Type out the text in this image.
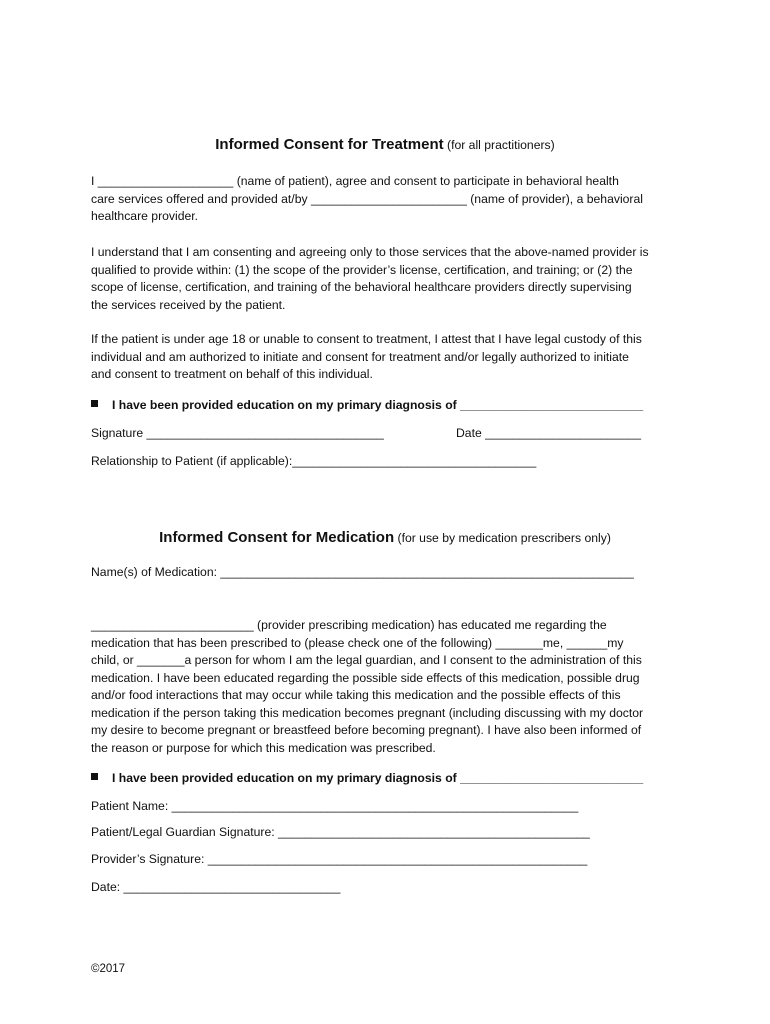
Informed Consent for Treatment (for all practitioners)
I ____________________ (name of patient), agree and consent to participate in behavioral health
care services offered and provided at/by _______________________ (name of provider), a behavioral
healthcare provider.
I understand that I am consenting and agreeing only to those services that the above-named provider is
qualified to provide within: (1) the scope of the provider’s license, certification, and training; or (2) the
scope of license, certification, and training of the behavioral healthcare providers directly supervising
the services received by the patient.
If the patient is under age 18 or unable to consent to treatment, I attest that I have legal custody of this
individual and am authorized to initiate and consent for treatment and/or legally authorized to initiate
and consent to treatment on behalf of this individual.
I have been provided education on my primary diagnosis of ___________________________
Signature ___________________________________	Date _______________________
Relationship to Patient (if applicable):____________________________________
Informed Consent for Medication (for use by medication prescribers only)
Name(s) of Medication: _____________________________________________________________
________________________ (provider prescribing medication) has educated me regarding the
medication that has been prescribed to (please check one of the following) _______me, ______my
child, or _______a person for whom I am the legal guardian, and I consent to the administration of this
medication. I have been educated regarding the possible side effects of this medication, possible drug
and/or food interactions that may occur while taking this medication and the possible effects of this
medication if the person taking this medication becomes pregnant (including discussing with my doctor
my desire to become pregnant or breastfeed before becoming pregnant). I have also been informed of
the reason or purpose for which this medication was prescribed.
I have been provided education on my primary diagnosis of ___________________________
Patient Name: ____________________________________________________________
Patient/Legal Guardian Signature: ______________________________________________
Provider’s Signature: ________________________________________________________
Date: ________________________________
©2017
